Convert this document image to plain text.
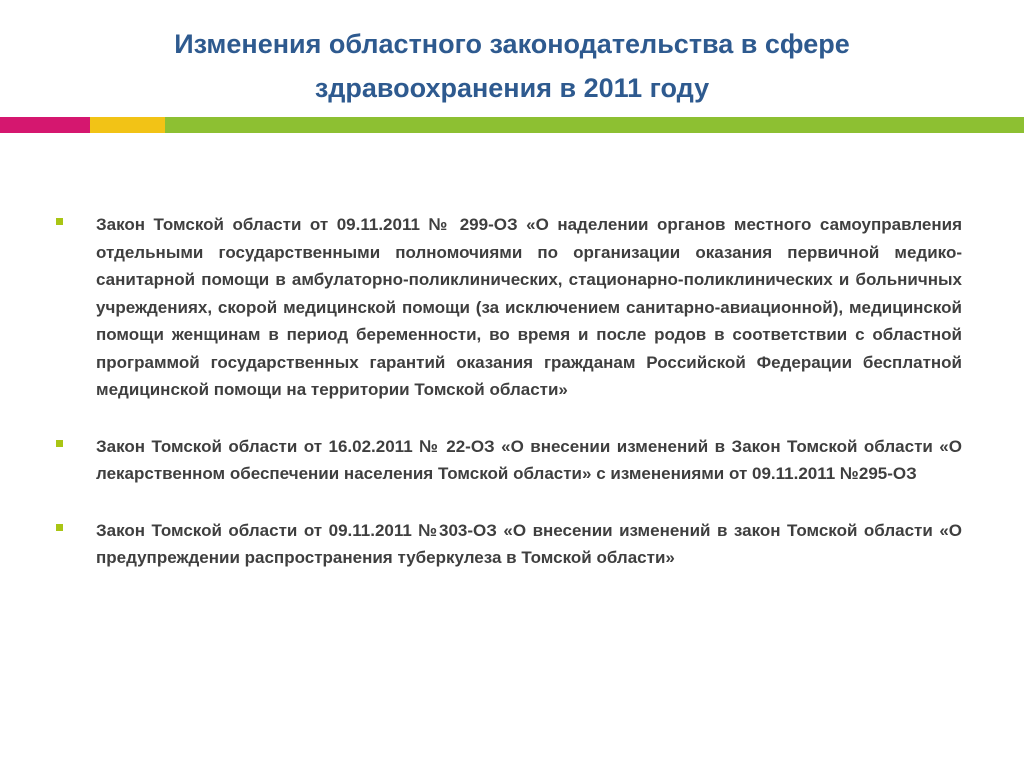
Изменения областного законодательства в сфере
здравоохранения в 2011 году
Закон Томской области от 09.11.2011 № 299-ОЗ «О наделении органов местного самоуправления отдельными государственными полномочиями по организации оказания первичной медико-санитарной помощи в амбулаторно-поликлинических, стационарно-поликлинических и больничных учреждениях, скорой медицинской помощи (за исключением санитарно-авиационной), медицинской помощи женщинам в период беременности, во время и после родов в соответствии с областной программой государственных гарантий оказания гражданам Российской Федерации бесплатной медицинской помощи на территории Томской области»
Закон Томской области от 16.02.2011 № 22-ОЗ «О внесении изменений в Закон Томской области «О лекарственном обеспечении населения Томской области» с изменениями от 09.11.2011 №295-ОЗ
Закон Томской области от 09.11.2011 №303-ОЗ «О внесении изменений в закон Томской области «О предупреждении распространения туберкулеза в Томской области»
